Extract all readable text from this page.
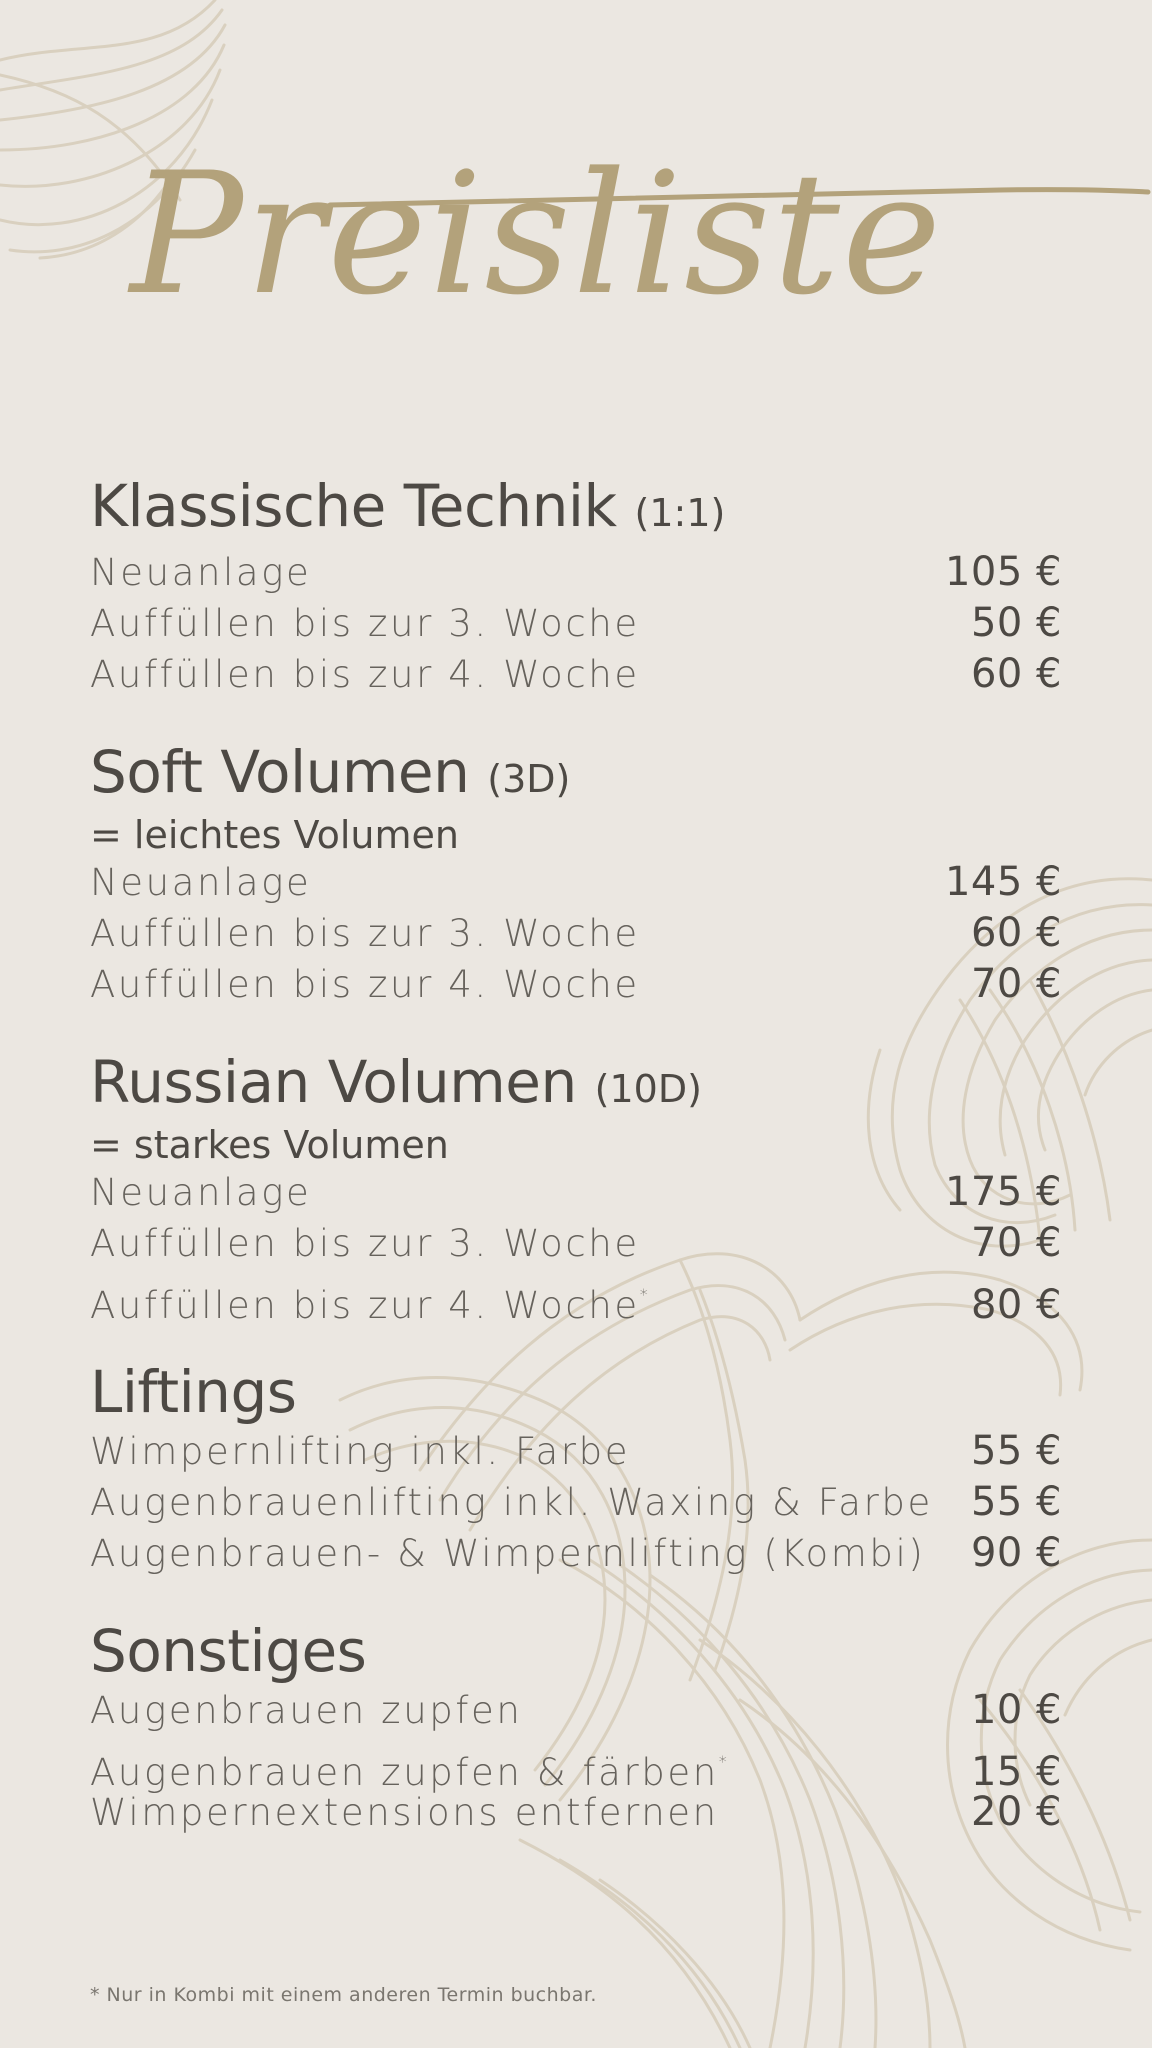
Preisliste
Klassische Technik (1:1)
Neuanlage	105 €
Auffüllen bis zur 3. Woche	50 €
Auffüllen bis zur 4. Woche	60 €
Soft Volumen (3D)
= leichtes Volumen
Neuanlage	145 €
Auffüllen bis zur 3. Woche	60 €
Auffüllen bis zur 4. Woche	70 €
Russian Volumen (10D)
= starkes Volumen
Neuanlage	175 €
Auffüllen bis zur 3. Woche	70 €
Auffüllen bis zur 4. Woche*	80 €
Liftings
Wimpernlifting inkl. Farbe	55 €
Augenbrauenlifting inkl. Waxing & Farbe 55 €
Augenbrauen- & Wimpernlifting (Kombi) 90 €
Sonstiges
Augenbrauen zupfen	10 €
Augenbrauen zupfen & färben*	15 €
Wimpernextensions entfernen	20 €
* Nur in Kombi mit einem anderen Termin buchbar.
